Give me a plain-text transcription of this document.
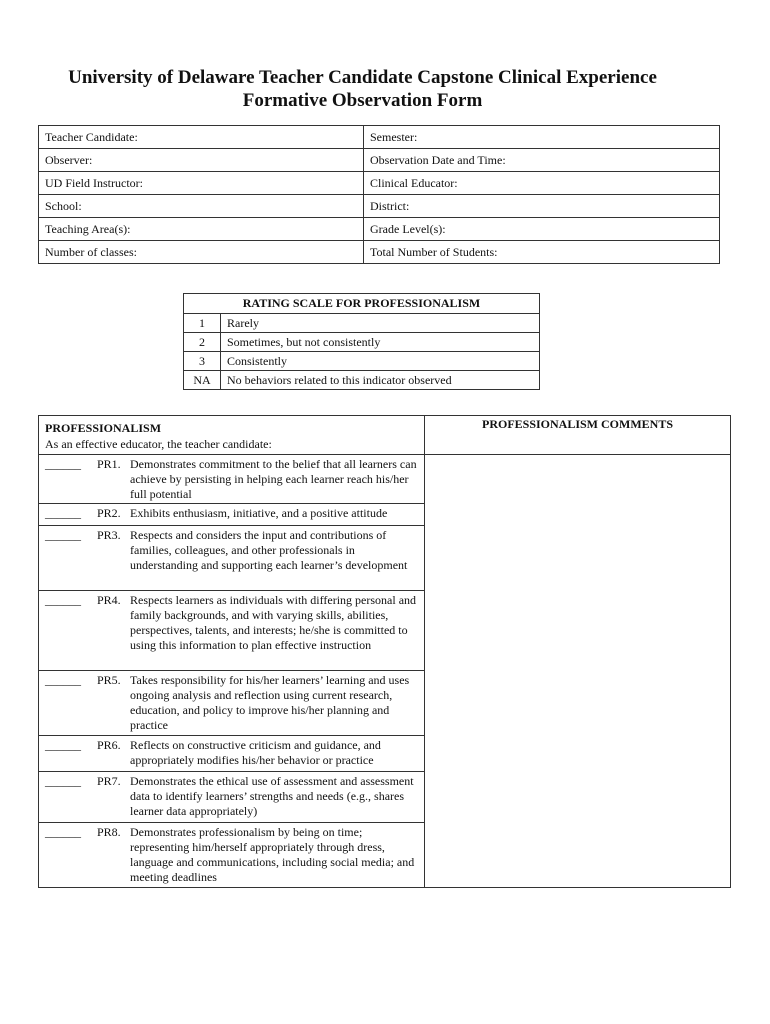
University of Delaware Teacher Candidate Capstone Clinical Experience
Formative Observation Form
Teacher Candidate:	Semester:
Observer:	Observation Date and Time:
UD Field Instructor:	Clinical Educator:
School:	District:
Teaching Area(s):	Grade Level(s):
Number of classes:	Total Number of Students:
RATING SCALE FOR PROFESSIONALISM	
1	Rarely
2	Sometimes, but not consistently
3	Consistently
NA	No behaviors related to this indicator observed
PROFESSIONALISM
As an effective educator, the teacher candidate:	PROFESSIONALISM COMMENTS

______ PR1. Demonstrates commitment to the belief that all learners can achieve by persisting in helping each learner reach his/her full potential	

______ PR2. Exhibits enthusiasm, initiative, and a positive attitude	

______ PR3. Respects and considers the input and contributions of families, colleagues, and other professionals in understanding and supporting each learner’s development	

______ PR4. Respects learners as individuals with differing personal and family backgrounds, and with varying skills, abilities, perspectives, talents, and interests; he/she is committed to using this information to plan effective instruction	

______ PR5. Takes responsibility for his/her learners’ learning and uses ongoing analysis and reflection using current research, education, and policy to improve his/her planning and practice	

______ PR6. Reflects on constructive criticism and guidance, and appropriately modifies his/her behavior or practice	

______ PR7. Demonstrates the ethical use of assessment and assessment data to identify learners’ strengths and needs (e.g., shares learner data appropriately)	

______ PR8. Demonstrates professionalism by being on time; representing him/herself appropriately through dress, language and communications, including social media; and meeting deadlines	
